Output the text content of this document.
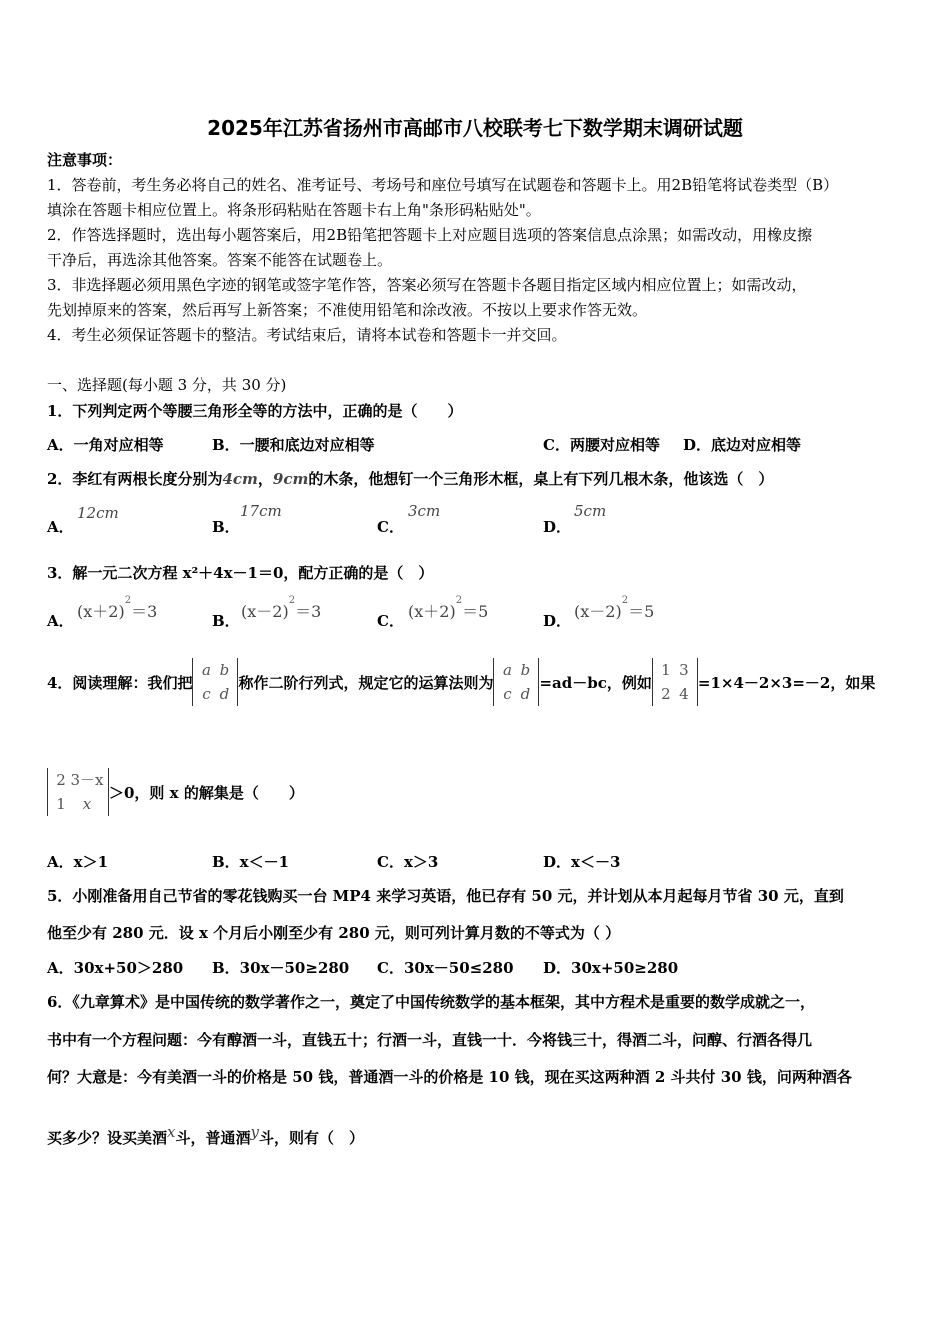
2025年江苏省扬州市高邮市八校联考七下数学期末调研试题
注意事项：
1．答卷前，考生务必将自己的姓名、准考证号、考场号和座位号填写在试题卷和答题卡上。用2B铅笔将试卷类型（B）
填涂在答题卡相应位置上。将条形码粘贴在答题卡右上角"条形码粘贴处"。
2．作答选择题时，选出每小题答案后，用2B铅笔把答题卡上对应题目选项的答案信息点涂黑；如需改动，用橡皮擦
干净后，再选涂其他答案。答案不能答在试题卷上。
3．非选择题必须用黑色字迹的钢笔或签字笔作答，答案必须写在答题卡各题目指定区域内相应位置上；如需改动，
先划掉原来的答案，然后再写上新答案；不准使用铅笔和涂改液。不按以上要求作答无效。
4．考生必须保证答题卡的整洁。考试结束后，请将本试卷和答题卡一并交回。
一、选择题(每小题 3 分，共 30 分)
1．下列判定两个等腰三角形全等的方法中，正确的是（　　）
A．一角对应相等	B．一腰和底边对应相等	C．两腰对应相等 D．底边对应相等
2．李红有两根长度分别为4cm，9cm的木条，他想钉一个三角形木框，桌上有下列几根木条，他该选（　）
A．
12cm
B．
17cm
C．
3cm
D．
5cm
3．解一元二次方程 x²＋4x－1＝0，配方正确的是（　）
A． $(x+2)^2=3$	B． $(x-2)^2=3$	C． $(x+2)^2=5$	D． $(x-2)^2=5$
4．阅读理解：我们把
a b
c d
称作二阶行列式，规定它的运算法则为
a b
c d
=ad－bc，例如
1 3
2 4
=1×4－2×3=－2，如果
2 3－x
1 x
＞0，则 x 的解集是（　　）
A．x＞1	B．x＜－1	C．x＞3	D．x＜－3
5．小刚准备用自己节省的零花钱购买一台 MP4 来学习英语，他已存有 50 元，并计划从本月起每月节省 30 元，直到
他至少有 280 元．设 x 个月后小刚至少有 280 元，则可列计算月数的不等式为（ ）
A．30x+50＞280 B．30x－50≥280 C．30x－50≤280 D．30x+50≥280
6．《九章算术》是中国传统的数学著作之一，奠定了中国传统数学的基本框架，其中方程术是重要的数学成就之一，
书中有一个方程问题：今有醇酒一斗，直钱五十；行酒一斗，直钱一十．今将钱三十，得酒二斗，问醇、行酒各得几
何？大意是：今有美酒一斗的价格是 50 钱，普通酒一斗的价格是 10 钱，现在买这两种酒 2 斗共付 30 钱，问两种酒各
买多少？设买美酒x斗，普通酒y斗，则有（　）
